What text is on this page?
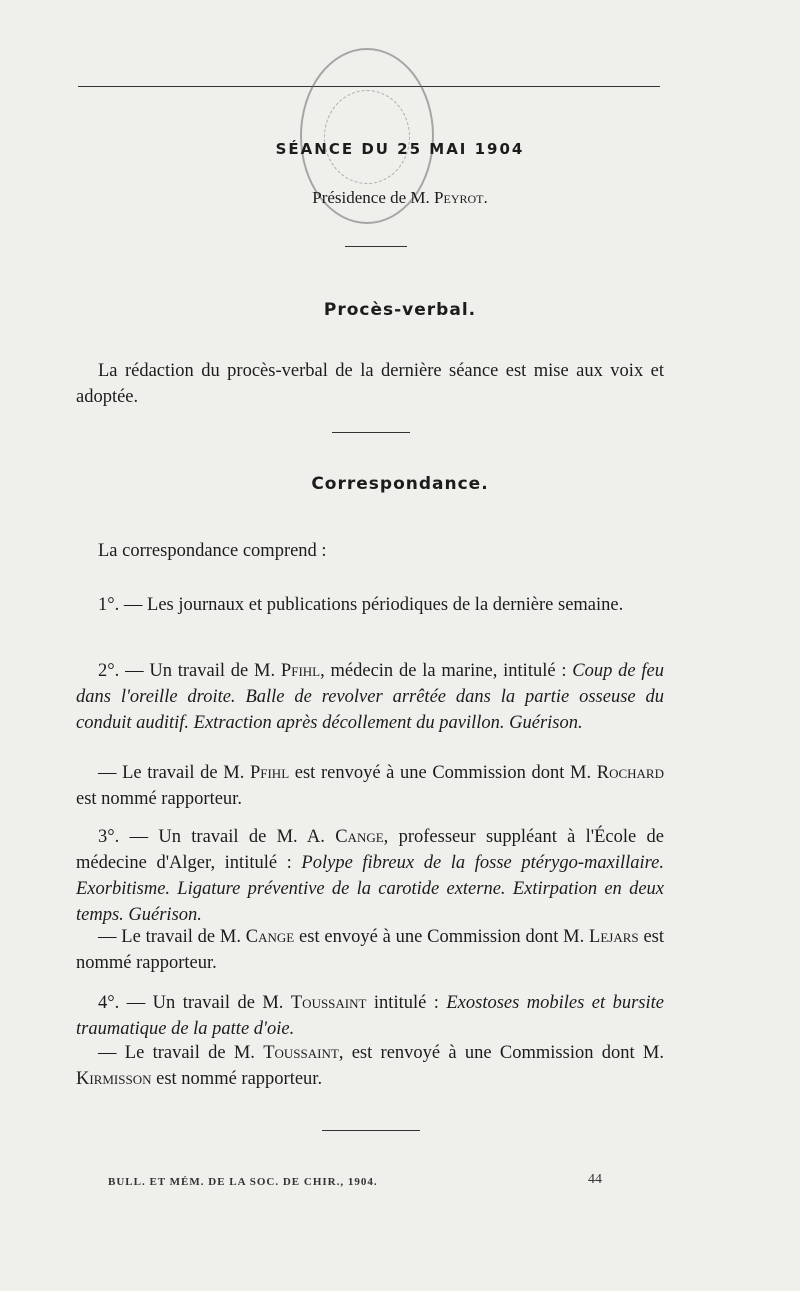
SÉANCE DU 25 MAI 1904
Présidence de M. Peyrot.
Procès-verbal.
La rédaction du procès-verbal de la dernière séance est mise aux voix et adoptée.
Correspondance.
La correspondance comprend :
1°. — Les journaux et publications périodiques de la dernière semaine.
2°. — Un travail de M. Pfihl, médecin de la marine, intitulé : Coup de feu dans l'oreille droite. Balle de revolver arrêtée dans la partie osseuse du conduit auditif. Extraction après décollement du pavillon. Guérison.
— Le travail de M. Pfihl est renvoyé à une Commission dont M. Rochard est nommé rapporteur.
3°. — Un travail de M. A. Cange, professeur suppléant à l'École de médecine d'Alger, intitulé : Polype fibreux de la fosse ptérygo-maxillaire. Exorbitisme. Ligature préventive de la carotide externe. Extirpation en deux temps. Guérison.
— Le travail de M. Cange est envoyé à une Commission dont M. Lejars est nommé rapporteur.
4°. — Un travail de M. Toussaint intitulé : Exostoses mobiles et bursite traumatique de la patte d'oie.
— Le travail de M. Toussaint, est renvoyé à une Commission dont M. Kirmisson est nommé rapporteur.
BULL. ET MÉM. DE LA SOC. DE CHIR., 1904.	44
